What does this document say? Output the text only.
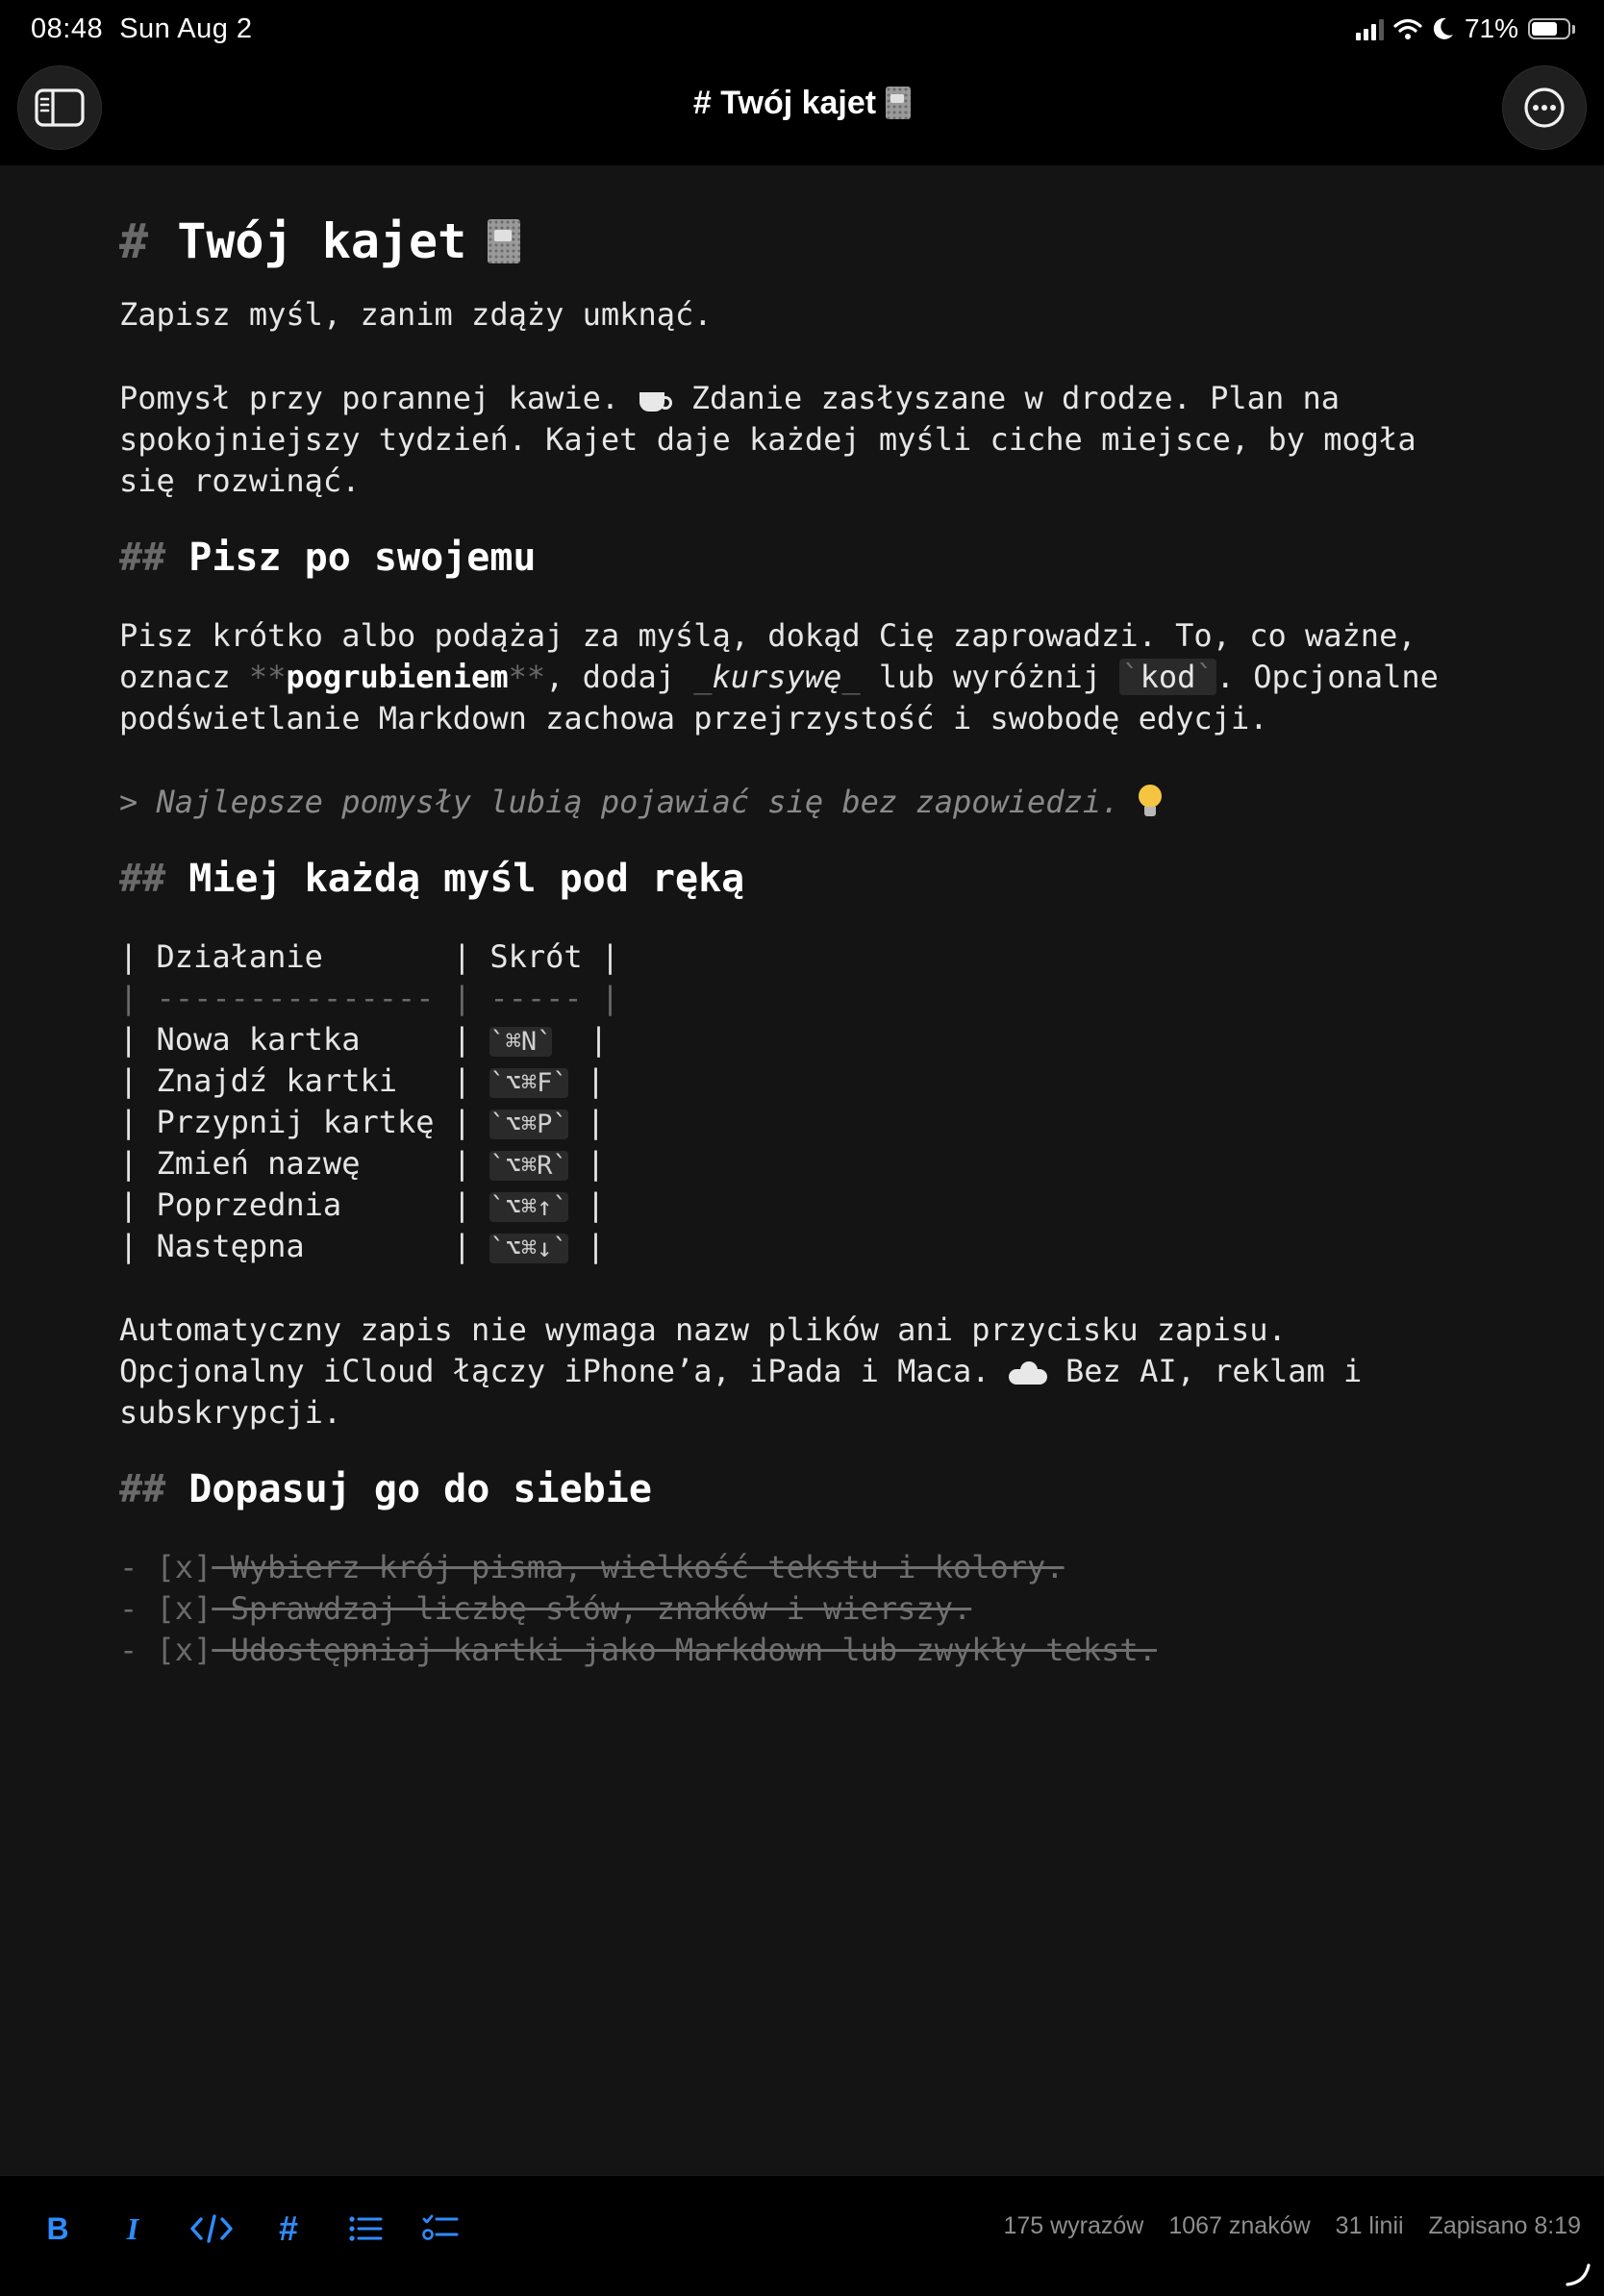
08:48 Sun Aug 2	71%
# Twój kajet
# Twój kajet
Zapisz myśl, zanim zdąży umknąć.
Pomysł przy porannej kawie.  Zdanie zasłyszane w drodze. Plan na
spokojniejszy tydzień. Kajet daje każdej myśli ciche miejsce, by mogła
się rozwinąć.
## Pisz po swojemu
Pisz krótko albo podążaj za myślą, dokąd Cię zaprowadzi. To, co ważne,
oznacz **pogrubieniem**, dodaj _kursywę_ lub wyróżnij `kod`. Opcjonalne
podświetlanie Markdown zachowa przejrzystość i swobodę edycji.
> Najlepsze pomysły lubią pojawiać się bez zapowiedzi.
## Miej każdą myśl pod ręką
| Działanie       | Skrót |
| --------------- | ----- |
| Nowa kartka     | `⌘N`  |
| Znajdź kartki   | `⌥⌘F` |
| Przypnij kartkę | `⌥⌘P` |
| Zmień nazwę     | `⌥⌘R` |
| Poprzednia      | `⌥⌘↑` |
| Następna        | `⌥⌘↓` |
Automatyczny zapis nie wymaga nazw plików ani przycisku zapisu.
Opcjonalny iCloud łączy iPhone’a, iPada i Maca.  Bez AI, reklam i
subskrypcji.
## Dopasuj go do siebie
- [x] Wybierz krój pisma, wielkość tekstu i kolory.
- [x] Sprawdzaj liczbę słów, znaków i wierszy.
- [x] Udostępniaj kartki jako Markdown lub zwykły tekst.
B I	#	175 wyrazów 1067 znaków 31 linii Zapisano 8:19
